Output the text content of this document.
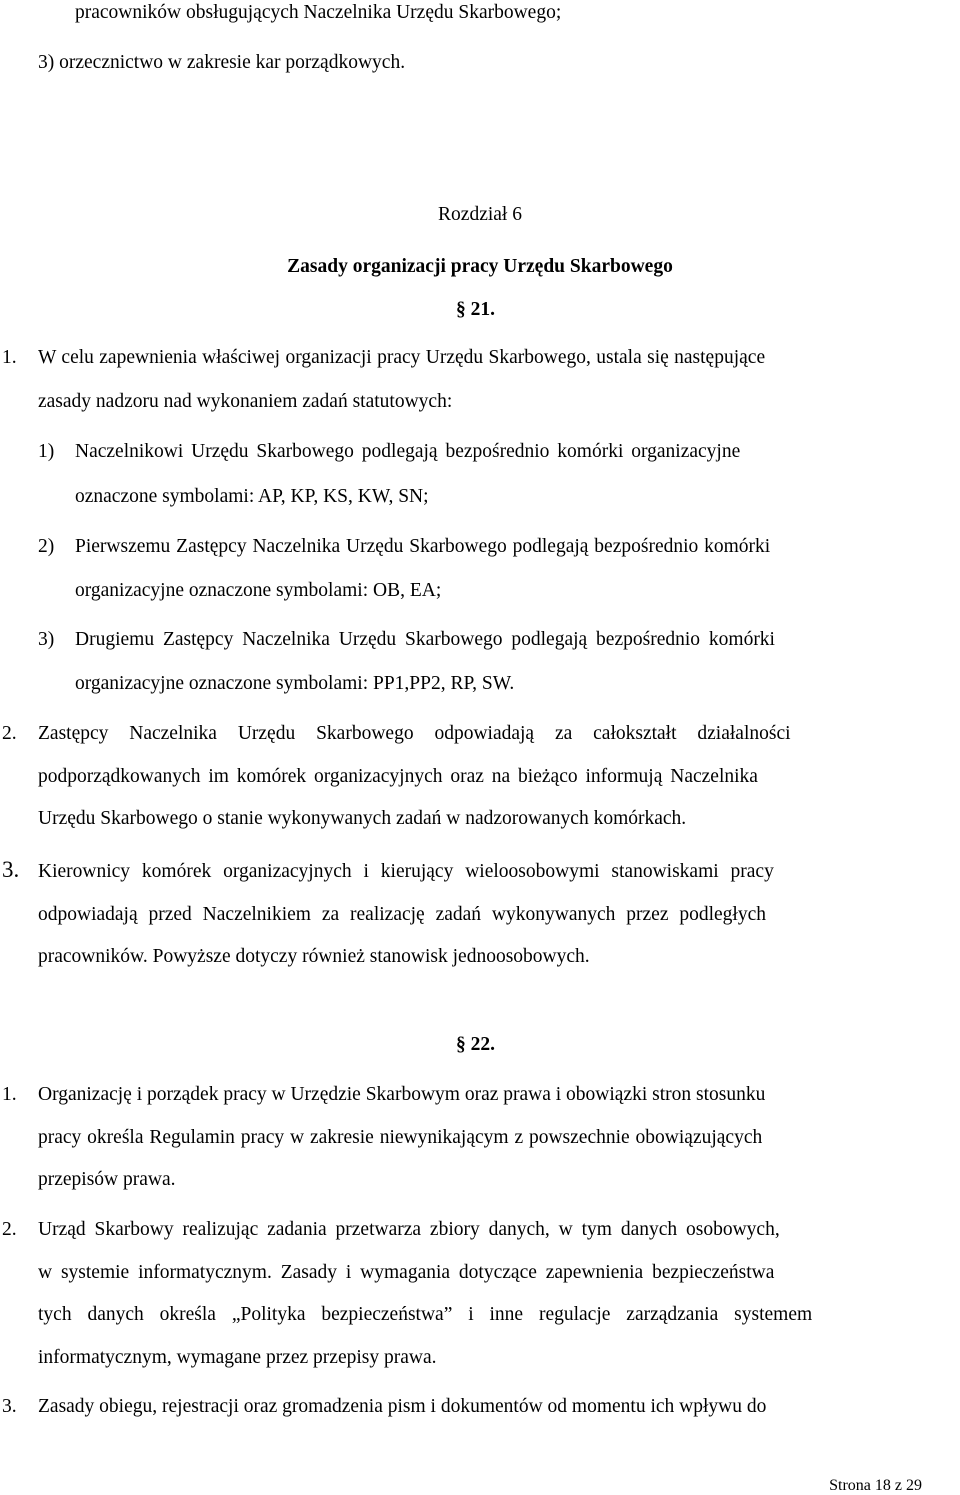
pracowników obsługujących Naczelnika Urzędu Skarbowego;
3) orzecznictwo w zakresie kar porządkowych.
Rozdział 6
Zasady organizacji pracy Urzędu Skarbowego
§ 21.
1. W celu zapewnienia właściwej organizacji pracy Urzędu Skarbowego, ustala się następujące
zasady nadzoru nad wykonaniem zadań statutowych:
1) Naczelnikowi Urzędu Skarbowego podlegają bezpośrednio komórki organizacyjne
oznaczone symbolami: AP, KP, KS, KW, SN;
2) Pierwszemu Zastępcy Naczelnika Urzędu Skarbowego podlegają bezpośrednio komórki
organizacyjne oznaczone symbolami: OB, EA;
3) Drugiemu Zastępcy Naczelnika Urzędu Skarbowego podlegają bezpośrednio komórki
organizacyjne oznaczone symbolami: PP1,PP2, RP, SW.
2. Zastępcy Naczelnika Urzędu Skarbowego odpowiadają za całokształt działalności
podporządkowanych im komórek organizacyjnych oraz na bieżąco informują Naczelnika
Urzędu Skarbowego o stanie wykonywanych zadań w nadzorowanych komórkach.
3. Kierownicy komórek organizacyjnych i kierujący wieloosobowymi stanowiskami pracy
odpowiadają przed Naczelnikiem za realizację zadań wykonywanych przez podległych
pracowników. Powyższe dotyczy również stanowisk jednoosobowych.
§ 22.
1. Organizację i porządek pracy w Urzędzie Skarbowym oraz prawa i obowiązki stron stosunku
pracy określa Regulamin pracy w zakresie niewynikającym z powszechnie obowiązujących
przepisów prawa.
2. Urząd Skarbowy realizując zadania przetwarza zbiory danych, w tym danych osobowych,
w systemie informatycznym. Zasady i wymagania dotyczące zapewnienia bezpieczeństwa
tych danych określa „Polityka bezpieczeństwa” i inne regulacje zarządzania systemem
informatycznym, wymagane przez przepisy prawa.
3. Zasady obiegu, rejestracji oraz gromadzenia pism i dokumentów od momentu ich wpływu do
Strona 18 z 29
